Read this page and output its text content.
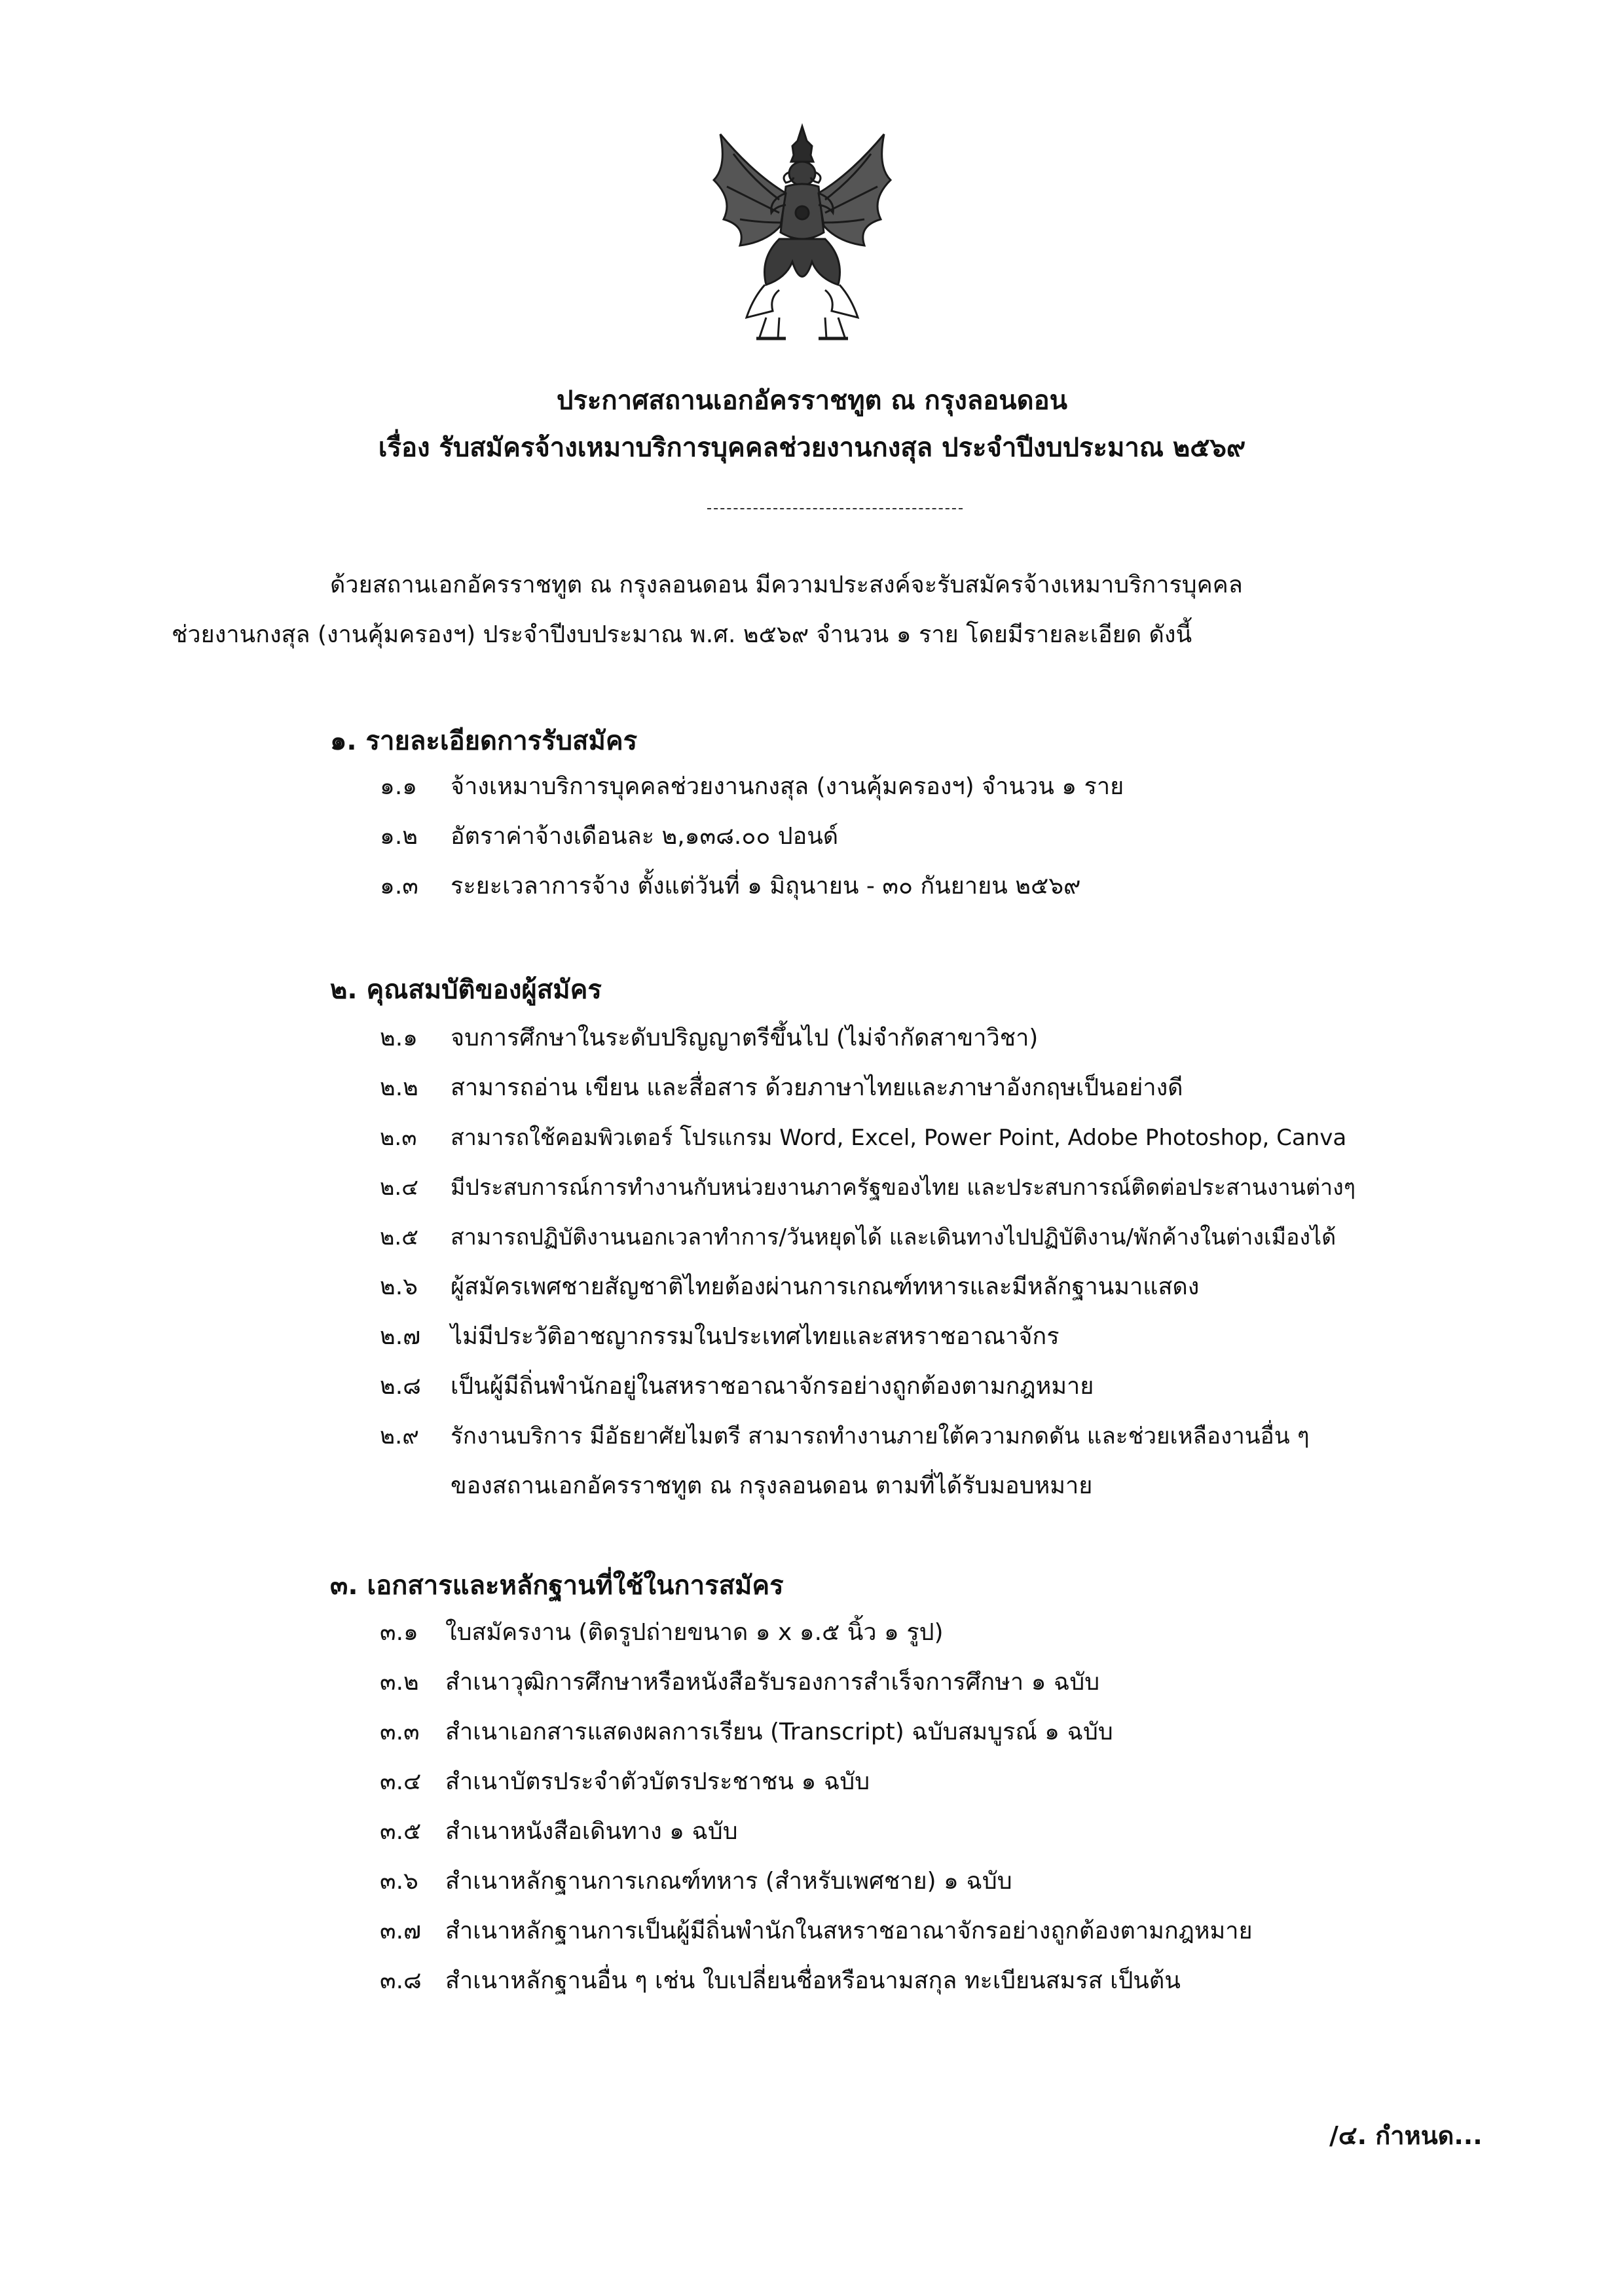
ประกาศสถานเอกอัครราชทูต ณ กรุงลอนดอน
เรื่อง รับสมัครจ้างเหมาบริการบุคคลช่วยงานกงสุล ประจำปีงบประมาณ ๒๕๖๙
ด้วยสถานเอกอัครราชทูต ณ กรุงลอนดอน มีความประสงค์จะรับสมัครจ้างเหมาบริการบุคคล
ช่วยงานกงสุล (งานคุ้มครองฯ) ประจำปีงบประมาณ พ.ศ. ๒๕๖๙ จำนวน ๑ ราย โดยมีรายละเอียด ดังนี้
๑. รายละเอียดการรับสมัคร
๑.๑ จ้างเหมาบริการบุคคลช่วยงานกงสุล (งานคุ้มครองฯ) จำนวน ๑ ราย
๑.๒ อัตราค่าจ้างเดือนละ ๒,๑๓๘.๐๐ ปอนด์
๑.๓ ระยะเวลาการจ้าง ตั้งแต่วันที่ ๑ มิถุนายน - ๓๐ กันยายน ๒๕๖๙
๒. คุณสมบัติของผู้สมัคร
๒.๑ จบการศึกษาในระดับปริญญาตรีขึ้นไป (ไม่จำกัดสาขาวิชา)
๒.๒ สามารถอ่าน เขียน และสื่อสาร ด้วยภาษาไทยและภาษาอังกฤษเป็นอย่างดี
๒.๓ สามารถใช้คอมพิวเตอร์ โปรแกรม Word, Excel, Power Point, Adobe Photoshop, Canva
๒.๔ มีประสบการณ์การทำงานกับหน่วยงานภาครัฐของไทย และประสบการณ์ติดต่อประสานงานต่างๆ
๒.๕ สามารถปฏิบัติงานนอกเวลาทำการ/วันหยุดได้ และเดินทางไปปฏิบัติงาน/พักค้างในต่างเมืองได้
๒.๖ ผู้สมัครเพศชายสัญชาติไทยต้องผ่านการเกณฑ์ทหารและมีหลักฐานมาแสดง
๒.๗ ไม่มีประวัติอาชญากรรมในประเทศไทยและสหราชอาณาจักร
๒.๘ เป็นผู้มีถิ่นพำนักอยู่ในสหราชอาณาจักรอย่างถูกต้องตามกฎหมาย
๒.๙ รักงานบริการ มีอัธยาศัยไมตรี สามารถทำงานภายใต้ความกดดัน และช่วยเหลืองานอื่น ๆ
ของสถานเอกอัครราชทูต ณ กรุงลอนดอน ตามที่ได้รับมอบหมาย
๓. เอกสารและหลักฐานที่ใช้ในการสมัคร
๓.๑ ใบสมัครงาน (ติดรูปถ่ายขนาด ๑ x ๑.๕ นิ้ว ๑ รูป)
๓.๒ สำเนาวุฒิการศึกษาหรือหนังสือรับรองการสำเร็จการศึกษา ๑ ฉบับ
๓.๓ สำเนาเอกสารแสดงผลการเรียน (Transcript) ฉบับสมบูรณ์ ๑ ฉบับ
๓.๔ สำเนาบัตรประจำตัวบัตรประชาชน ๑ ฉบับ
๓.๕ สำเนาหนังสือเดินทาง ๑ ฉบับ
๓.๖ สำเนาหลักฐานการเกณฑ์ทหาร (สำหรับเพศชาย) ๑ ฉบับ
๓.๗ สำเนาหลักฐานการเป็นผู้มีถิ่นพำนักในสหราชอาณาจักรอย่างถูกต้องตามกฎหมาย
๓.๘ สำเนาหลักฐานอื่น ๆ เช่น ใบเปลี่ยนชื่อหรือนามสกุล ทะเบียนสมรส เป็นต้น
/๔. กำหนด...
